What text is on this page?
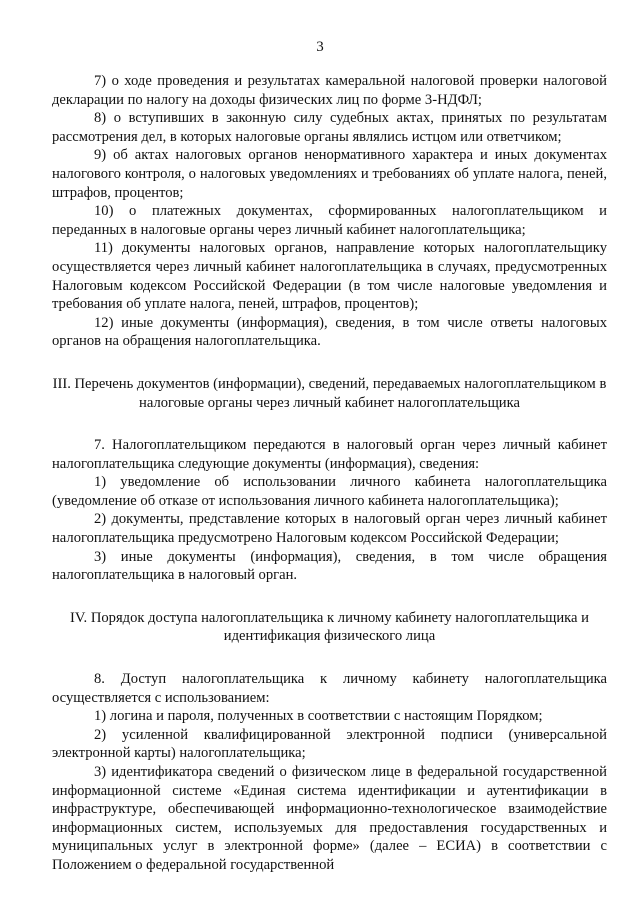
3

7) о ходе проведения и результатах камеральной налоговой проверки налоговой декларации по налогу на доходы физических лиц по форме 3-НДФЛ;

8) о вступивших в законную силу судебных актах, принятых по результатам рассмотрения дел, в которых налоговые органы являлись истцом или ответчиком;

9) об актах налоговых органов ненормативного характера и иных документах налогового контроля, о налоговых уведомлениях и требованиях об уплате налога, пеней, штрафов, процентов;

10) о платежных документах, сформированных налогоплательщиком и переданных в налоговые органы через личный кабинет налогоплательщика;

11) документы налоговых органов, направление которых налогоплательщику осуществляется через личный кабинет налогоплательщика в случаях, предусмотренных Налоговым кодексом Российской Федерации (в том числе налоговые уведомления и требования об уплате налога, пеней, штрафов, процентов);

12) иные документы (информация), сведения, в том числе ответы налоговых органов на обращения налогоплательщика.

III. Перечень документов (информации), сведений, передаваемых налогоплательщиком в налоговые органы через личный кабинет налогоплательщика

7. Налогоплательщиком передаются в налоговый орган через личный кабинет налогоплательщика следующие документы (информация), сведения:

1) уведомление об использовании личного кабинета налогоплательщика (уведомление об отказе от использования личного кабинета налогоплательщика);

2) документы, представление которых в налоговый орган через личный кабинет налогоплательщика предусмотрено Налоговым кодексом Российской Федерации;

3) иные документы (информация), сведения, в том числе обращения налогоплательщика в налоговый орган.

IV. Порядок доступа налогоплательщика к личному кабинету налогоплательщика и идентификация физического лица

8. Доступ налогоплательщика к личному кабинету налогоплательщика осуществляется с использованием:

1) логина и пароля, полученных в соответствии с настоящим Порядком;

2) усиленной квалифицированной электронной подписи (универсальной электронной карты) налогоплательщика;

3) идентификатора сведений о физическом лице в федеральной государственной информационной системе «Единая система идентификации и аутентификации в инфраструктуре, обеспечивающей информационно-технологическое взаимодействие информационных систем, используемых для предоставления государственных и муниципальных услуг в электронной форме» (далее – ЕСИА) в соответствии с Положением о федеральной государственной
